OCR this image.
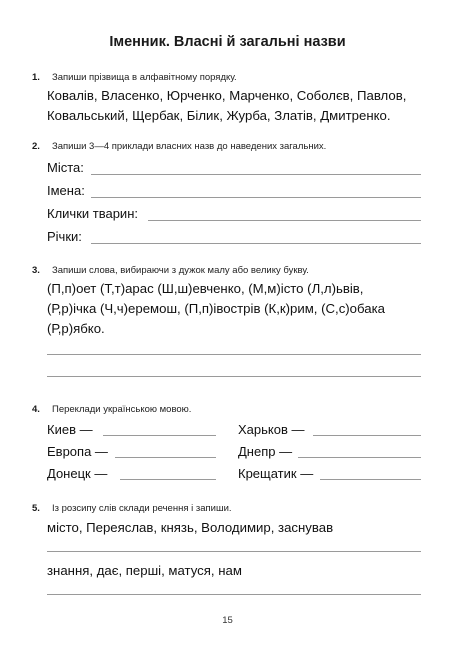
Іменник. Власні й загальні назви
1. Запиши прізвища в алфавітному порядку.
Ковалів, Власенко, Юрченко, Марченко, Соболєв, Павлов,
Ковальський, Щербак, Білик, Журба, Златів, Дмитренко.
2. Запиши 3—4 приклади власних назв до наведених загальних.
Міста:
Імена:
Клички тварин:
Річки:
3. Запиши слова, вибираючи з дужок малу або велику букву.
(П,п)оет (Т,т)арас (Ш,ш)евченко, (М,м)істо (Л,л)ьвів,
(Р,р)ічка (Ч,ч)еремош, (П,п)івострів (К,к)рим, (С,с)обака
(Р,р)ябко.
4. Переклади українською мовою.
Киев —	Харьков —
Европа —	Днепр —
Донецк —	Крещатик —
5. Із розсипу слів склади речення і запиши.
місто, Переяслав, князь, Володимир, заснував
знання, дає, перші, матуся, нам
15
